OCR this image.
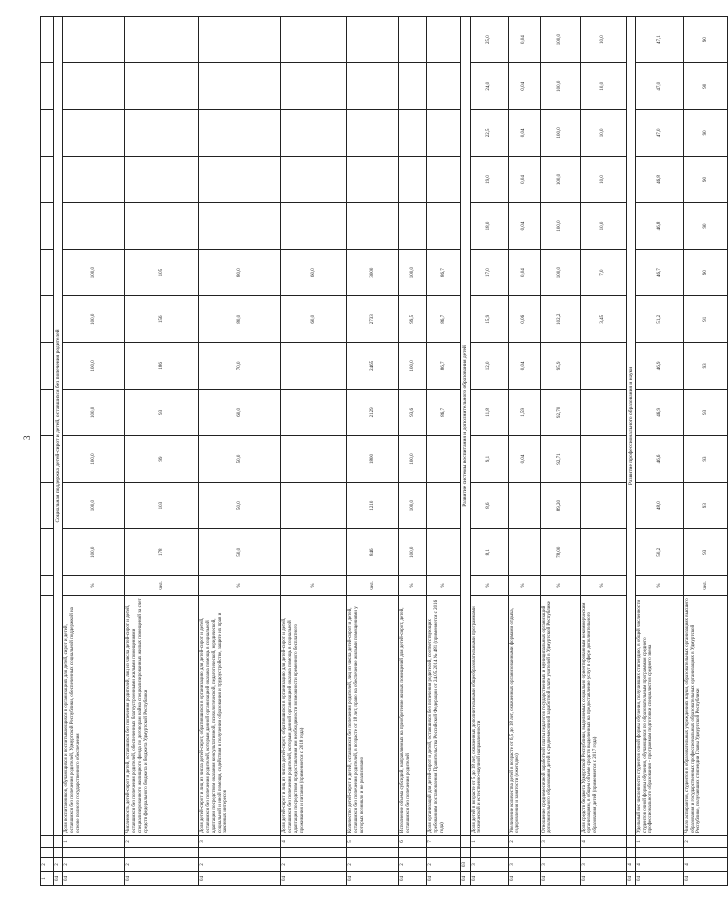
3
1	2																
04	2			Социальная поддержка детей-сирот и детей, оставшихся без попечения родителей													
04	2		1	Доля воспитанников, обучающихся и воспитывающихся в организациях для детей, сирот и детей, оставшихся без попечения родителей, Удмуртской Республики, обеспеченных социальной поддержкой на основе полного государственного обеспечения	%	100,0	100,0	100,0	100,0	100,0	100,0	100,0					
04	2		2	Численность детей-сирот и детей, оставшихся без попечения родителей, лиц из числа детей-сирот и детей, оставшихся без попечения родителей, обеспеченных благоустроенными жилыми помещениями специализированного жилищного фонда по договорам найма специализированных жилых помещений за счет средств федерального бюджета и бюджета Удмуртской Республики	чел.	178	103	99	93	186	156	105					
04	2		3	Доля детей-сирот и лиц из числа детей-сирот, обратившихся в организацию для детей-сирот и детей, оставшихся без попечения родителей, которым данной организацией оказана помощь в социальной адаптации посредством оказания консультативной, психологической, педагогической, юридической, социальной и иной помощи, содействия в получении образования и трудоустройстве, защите их прав и законных интересов	%	50,0	50,0	50,0	60,0	70,0	80,0	80,0					
04	2		4	Доля детей-сирот и лиц из числа детей-сирот, обратившихся в организацию для детей-сирот и детей, оставшихся без попечения родителей, которым данной организацией оказана помощь в социальной адаптации посредством предоставления им необходимости возможности временного бесплатного проживания и питания (применяется с 2018 года)	%						60,0	60,0					
04	2		5	Количество детей-сирот и детей, оставшихся без попечения родителей, лиц из числа детей-сирот и детей, оставшихся без попечения родителей, в возрасте от 18 лет, право на обеспечение жилыми помещениями у которых возникло и не реализовано	чел.	846	1210	1800	2129	2465	2733	3000					
04	2		6	Исполнение объема субсидий, направляемых на приобретение жилых помещений для детей-сирот, детей, оставшихся без попечения родителей	%	100,0	100,0	100,0	93,6	100,0	99,5	100,0					
04	2		7	Доля организаций для детей-сирот и детей, оставшихся без попечения родителей, соответствующих требованиям постановления Правительства Российской Федерации от 24.05.2014 № 481 (применяется с 2016 года)	%				86,7	86,7	86,7	86,7					
04	03			Развитие системы воспитания и дополнительного образования детей													
04	3		1	Доля детей в возрасте от 5 до 18 лет, охваченных дополнительными общеобразовательными программами технической и естественно-научной направленности	%	8,1	8,6	9,1	11,8	12,0	15,9	17,0	18,0	19,0	22,5	24,0	25,0
04	3		2	Увеличение количества детей в возрасте от 6,5 до 18 лет, охваченных организованными формами отдыха, оздоровления и занятости (ежегодно)	%			0,04	1,59	0,04	0,06	0,04	0,04	0,04	0,04	0,04	0,04
04	3		3	Отношение среднемесячной заработной платы педагогов государственных и муниципальных организаций дополнительного образования детей к среднемесячной заработной плате учителей в Удмуртской Республике	%	78,00	89,20	92,71	92,70	95,9	102,2	100,0	100,0	100,0	100,0	100,0	100,0
04	3		4	Доля средств бюджета Удмуртской Республики, выделяемых социально ориентированным некоммерческим организациям, в общем объеме средств выделенных на предоставление услуг в сфере дополнительного образования детей (применяется с 2017 года)	%						3,45	7,0	10,0	10,0	10,0	10,0	10,0
04	4			Развитие профессионального образования и науки													
04	4		1	Удельный вес численности студентов очной формы обучения, получивших стипендию, в общей численности студентов очной формы обучения, обучающихся по образовательным программам среднего профессионального образования - программам подготовки специалистов среднего звена	%	50,2	48,0	46,6	46,9	46,9	51,2	46,7	46,8	46,8	47,0	47,0	47,1
04	4		2	Число аспирантов, студентов в образовательных учреждениях науки, образовательных организациях высшего образования и государственных профессиональных образовательных организациях в Удмуртской Республике, получивших стипендии Главы Удмуртской Республики	чел.	93	93	93	93	93	91	90	90	90	90	90	90
